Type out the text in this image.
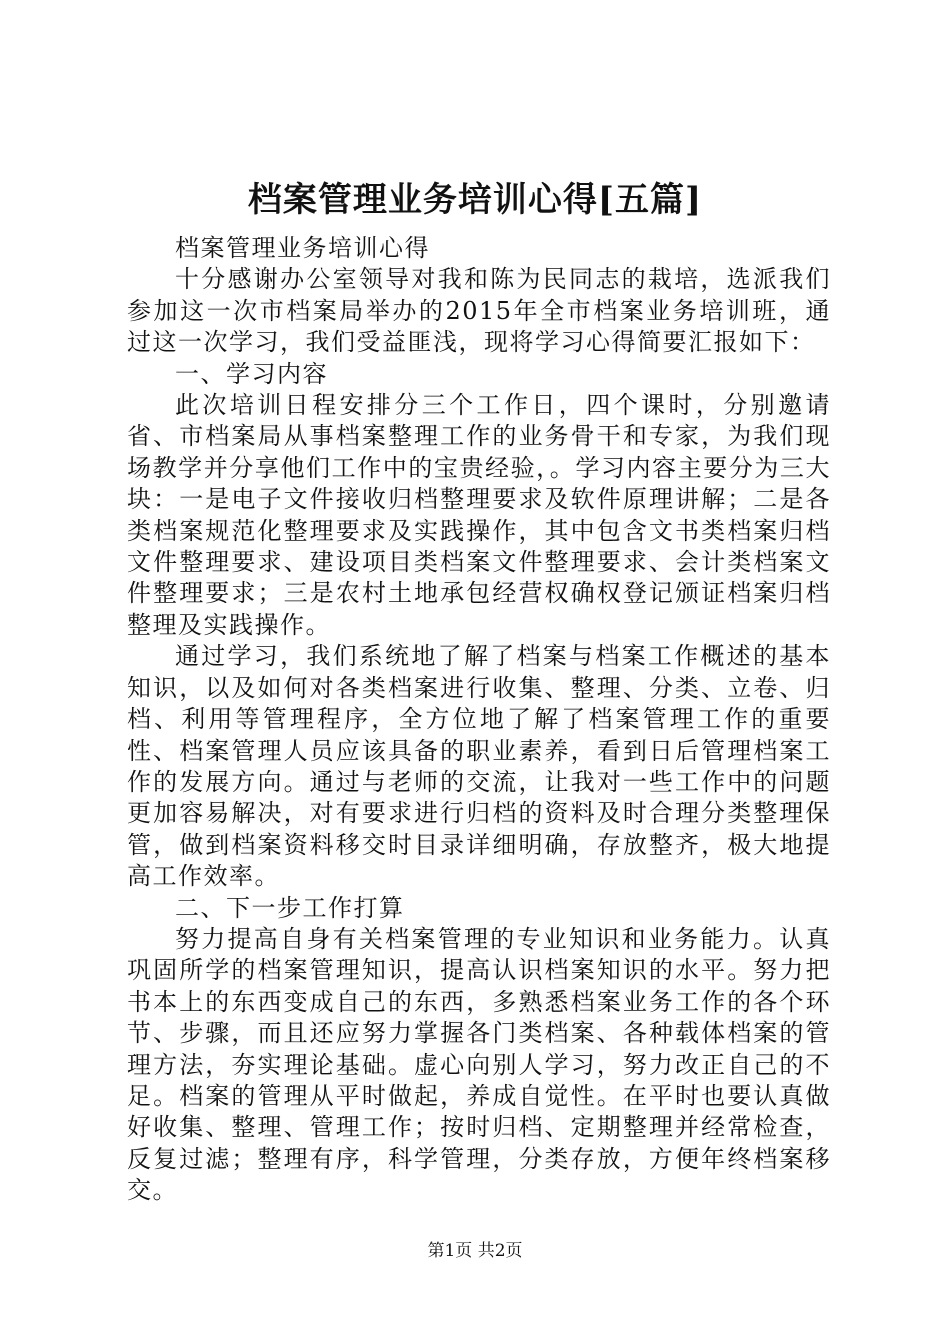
档案管理业务培训心得[五篇]

档案管理业务培训心得

十分感谢办公室领导对我和陈为民同志的栽培，选派我们参加这一次市档案局举办的2015年全市档案业务培训班，通过这一次学习，我们受益匪浅，现将学习心得简要汇报如下：

一、学习内容

此次培训日程安排分三个工作日，四个课时，分别邀请省、市档案局从事档案整理工作的业务骨干和专家，为我们现场教学并分享他们工作中的宝贵经验，。学习内容主要分为三大块：一是电子文件接收归档整理要求及软件原理讲解；二是各类档案规范化整理要求及实践操作，其中包含文书类档案归档文件整理要求、建设项目类档案文件整理要求、会计类档案文件整理要求；三是农村土地承包经营权确权登记颁证档案归档整理及实践操作。

通过学习，我们系统地了解了档案与档案工作概述的基本知识，以及如何对各类档案进行收集、整理、分类、立卷、归档、利用等管理程序，全方位地了解了档案管理工作的重要性、档案管理人员应该具备的职业素养，看到日后管理档案工作的发展方向。通过与老师的交流，让我对一些工作中的问题更加容易解决，对有要求进行归档的资料及时合理分类整理保管，做到档案资料移交时目录详细明确，存放整齐，极大地提高工作效率。

二、下一步工作打算

努力提高自身有关档案管理的专业知识和业务能力。认真巩固所学的档案管理知识，提高认识档案知识的水平。努力把书本上的东西变成自己的东西，多熟悉档案业务工作的各个环节、步骤，而且还应努力掌握各门类档案、各种载体档案的管理方法，夯实理论基础。虚心向别人学习，努力改正自己的不足。档案的管理从平时做起，养成自觉性。在平时也要认真做好收集、整理、管理工作；按时归档、定期整理并经常检查，反复过滤；整理有序，科学管理，分类存放，方便年终档案移交。

第1页 共2页
